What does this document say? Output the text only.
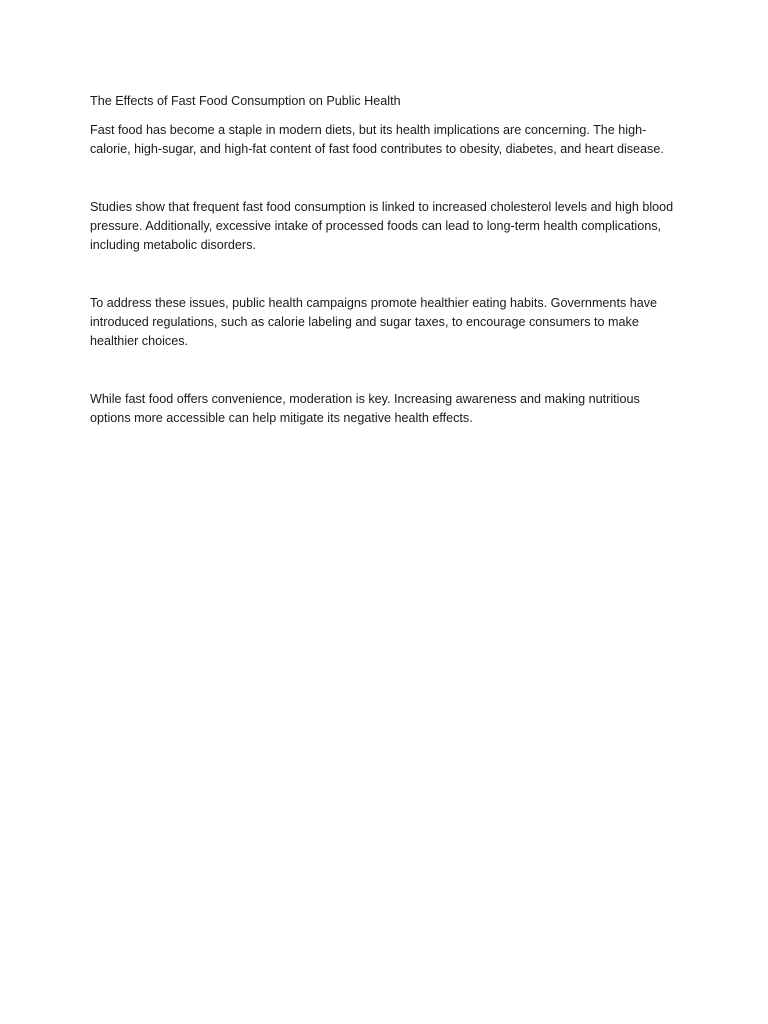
The Effects of Fast Food Consumption on Public Health

Fast food has become a staple in modern diets, but its health implications are concerning. The high-calorie, high-sugar, and high-fat content of fast food contributes to obesity, diabetes, and heart disease.

Studies show that frequent fast food consumption is linked to increased cholesterol levels and high blood pressure. Additionally, excessive intake of processed foods can lead to long-term health complications, including metabolic disorders.

To address these issues, public health campaigns promote healthier eating habits. Governments have introduced regulations, such as calorie labeling and sugar taxes, to encourage consumers to make healthier choices.

While fast food offers convenience, moderation is key. Increasing awareness and making nutritious options more accessible can help mitigate its negative health effects.
